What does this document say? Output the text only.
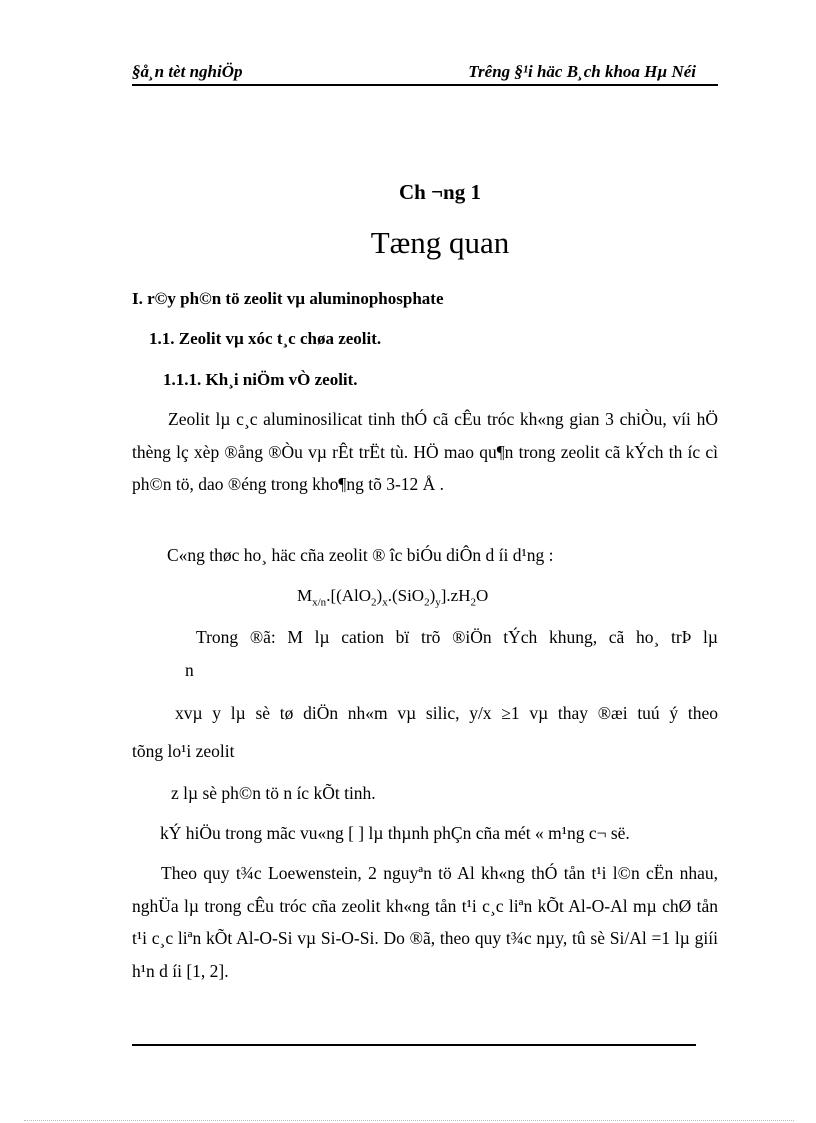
§å¸n tèt nghiÖp	Trêng §¹i häc B¸ch khoa Hµ Néi
Ch ¬ng 1
Tæng quan
I. r©y ph©n tö zeolit vµ aluminophosphate
1.1. Zeolit vµ xóc t¸c chøa zeolit.
1.1.1. Kh¸i niÖm vÒ zeolit.
Zeolit lµ c¸c aluminosilicat tinh thÓ cã cÊu tróc kh«ng gian 3 chiÒu, víi hÖ thèng lç xèp ®ång ®Òu vµ rÊt trËt tù. HÖ mao qu¶n trong zeolit cã kÝch th íc cì ph©n tö, dao ®éng trong kho¶ng tõ 3-12 Å .
C«ng thøc ho¸ häc cña zeolit ® îc biÓu diÔn d íi d¹ng :
$M_{x/n}.[(AlO_2)_x.(SiO_2)_y].zH_2O$
Trong ®ã: M lµ cation bï trõ ®iÖn tÝch khung, cã ho¸ trÞ lµ
n
xvµ y lµ sè tø diÖn nh«m vµ silic, y/x ≥1 vµ thay ®æi tuú ý theo
tõng lo¹i zeolit
z lµ sè ph©n tö n íc kÕt tinh.
kÝ hiÖu trong mãc vu«ng [ ] lµ thµnh phÇn cña mét « m¹ng c¬ së.
Theo quy t¾c Loewenstein, 2 nguyªn tö Al kh«ng thÓ tån t¹i l©n cËn nhau, nghÜa lµ trong cÊu tróc cña zeolit kh«ng tån t¹i c¸c liªn kÕt Al-O-Al mµ chØ tån t¹i c¸c liªn kÕt Al-O-Si vµ Si-O-Si. Do ®ã, theo quy t¾c nµy, tû sè Si/Al =1 lµ giíi h¹n d íi [1, 2].
